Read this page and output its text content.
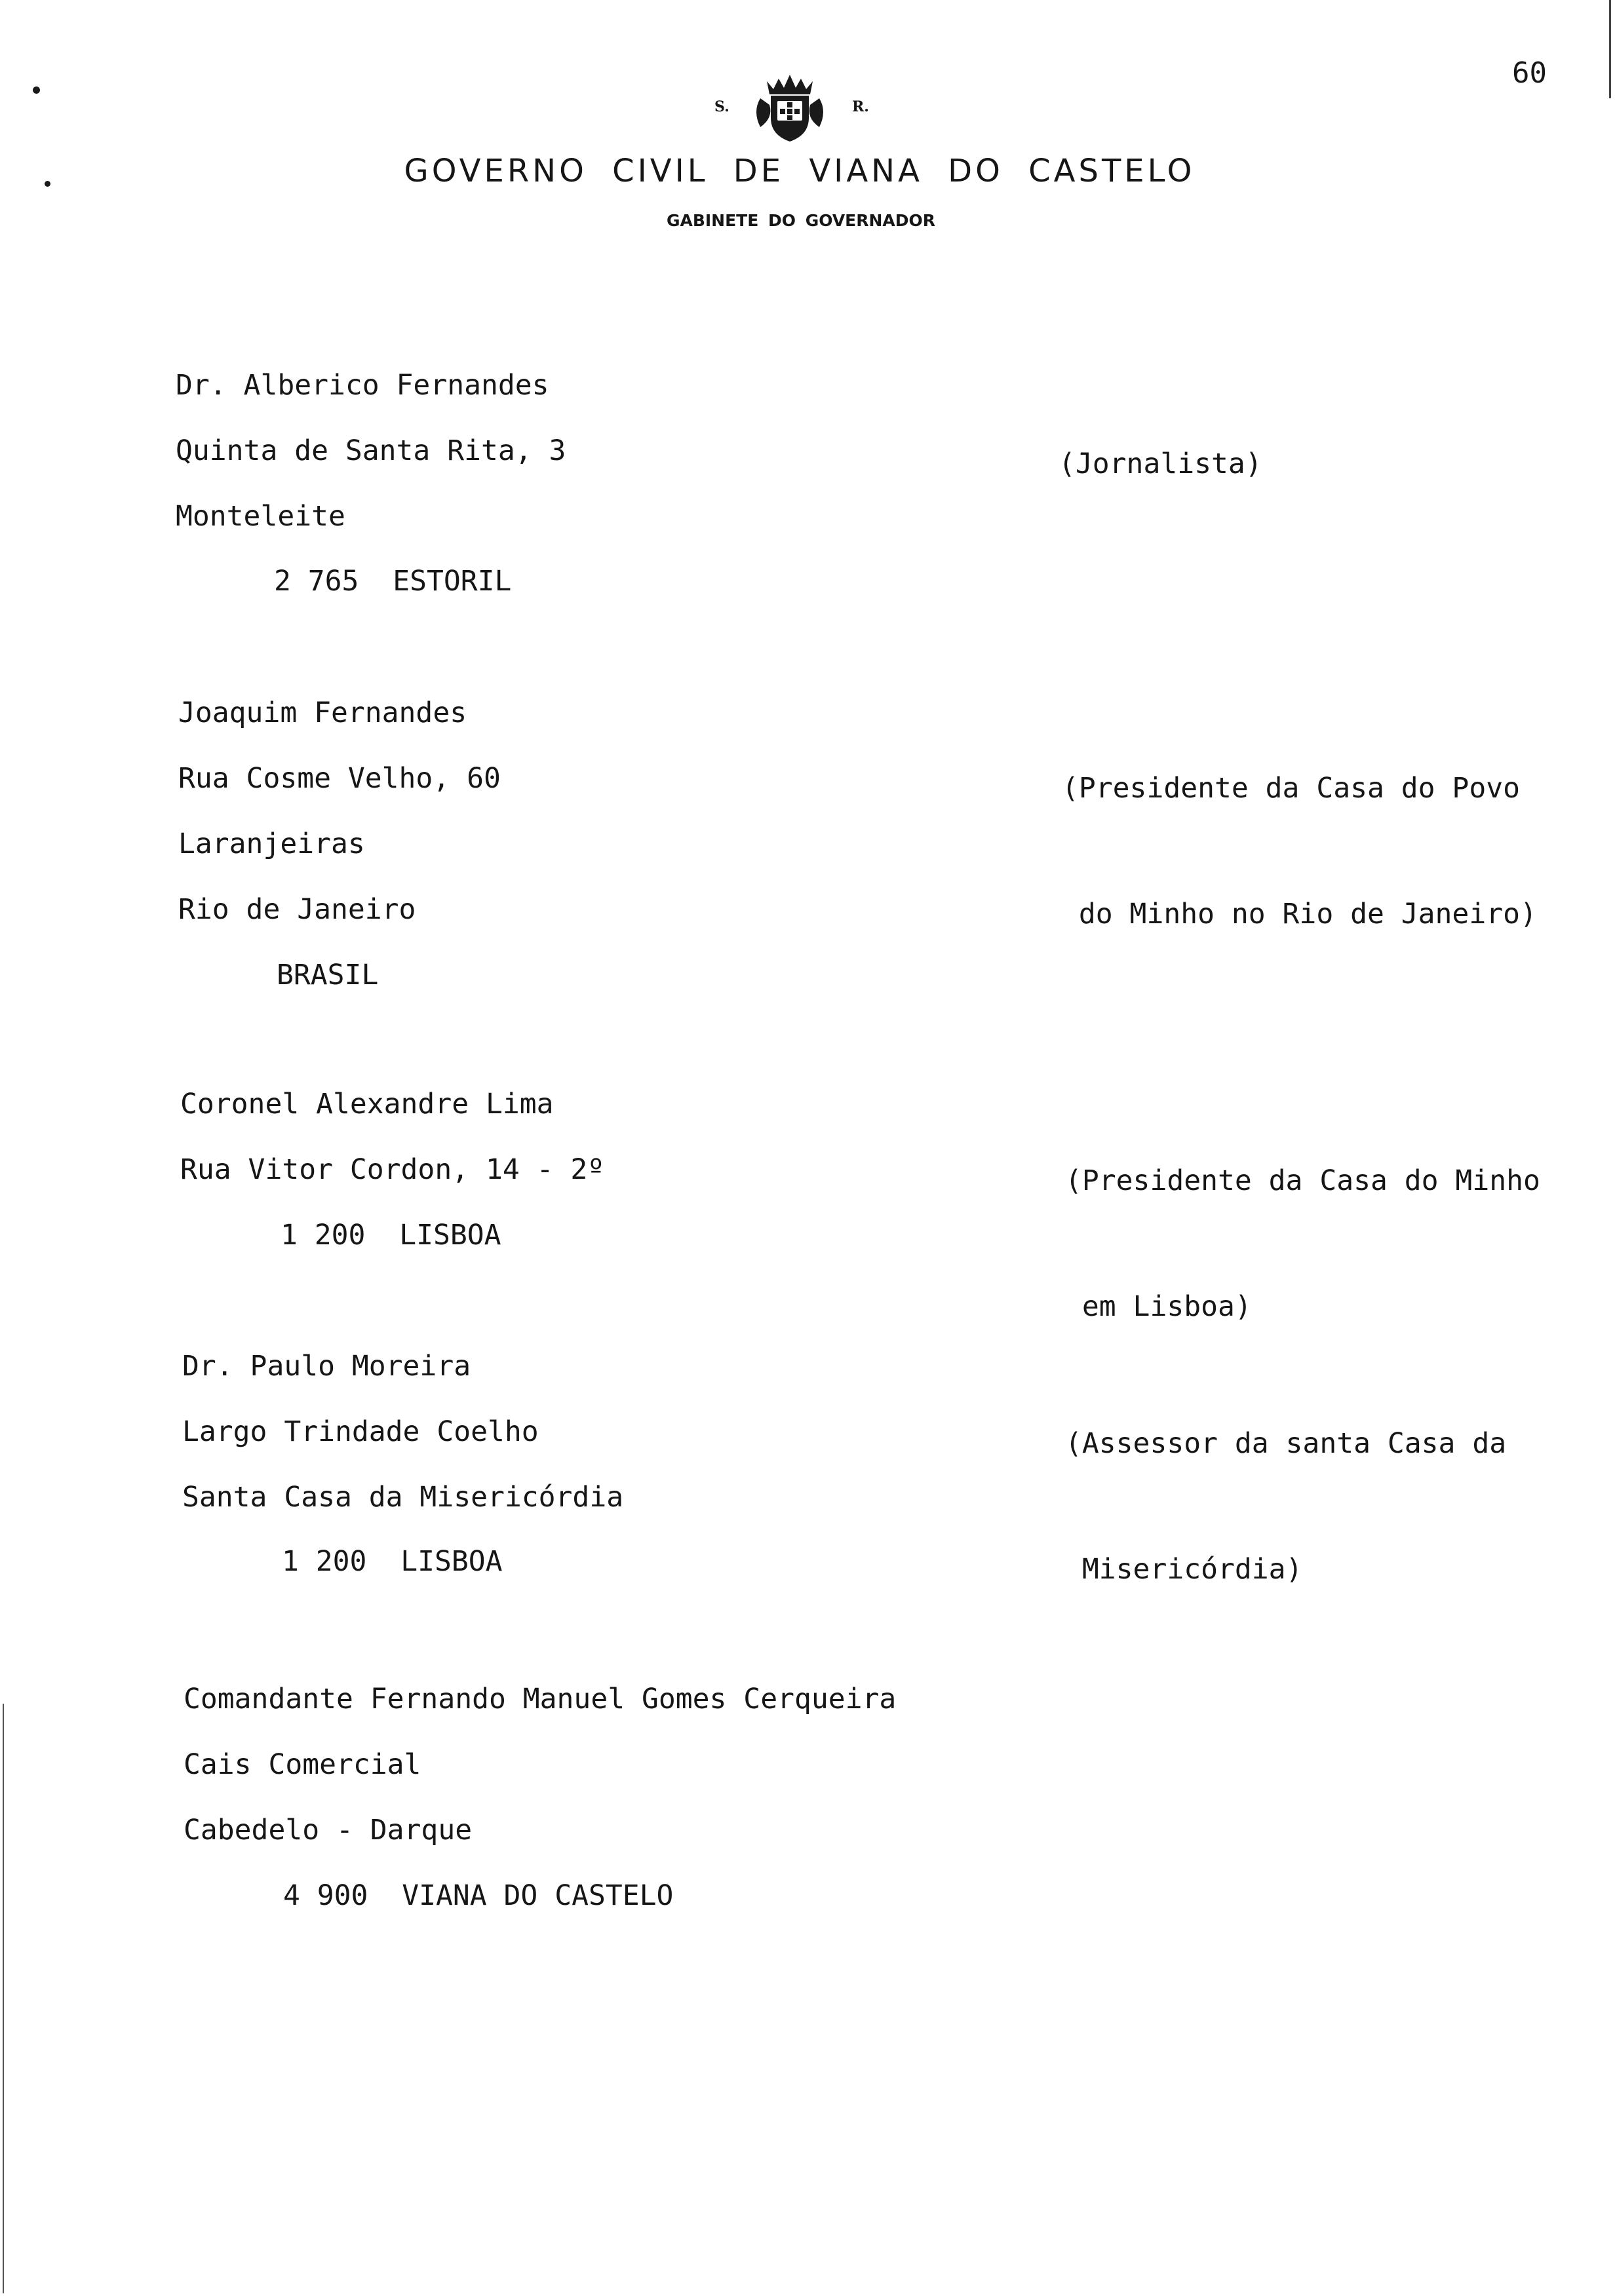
60
S.	R.
GOVERNO CIVIL DE VIANA DO CASTELO
GABINETE DO GOVERNADOR
Dr. Alberico Fernandes
Quinta de Santa Rita, 3
Monteleite
2 765  ESTORIL

(Jornalista)

Joaquim Fernandes
Rua Cosme Velho, 60
Laranjeiras
Rio de Janeiro
BRASIL

(Presidente da Casa do Povo

do Minho no Rio de Janeiro)

Coronel Alexandre Lima
Rua Vitor Cordon, 14 - 2º
1 200  LISBOA

(Presidente da Casa do Minho

em Lisboa)

Dr. Paulo Moreira
Largo Trindade Coelho
Santa Casa da Misericórdia
1 200  LISBOA

(Assessor da santa Casa da

Misericórdia)

Comandante Fernando Manuel Gomes Cerqueira
Cais Comercial
Cabedelo - Darque
4 900  VIANA DO CASTELO
